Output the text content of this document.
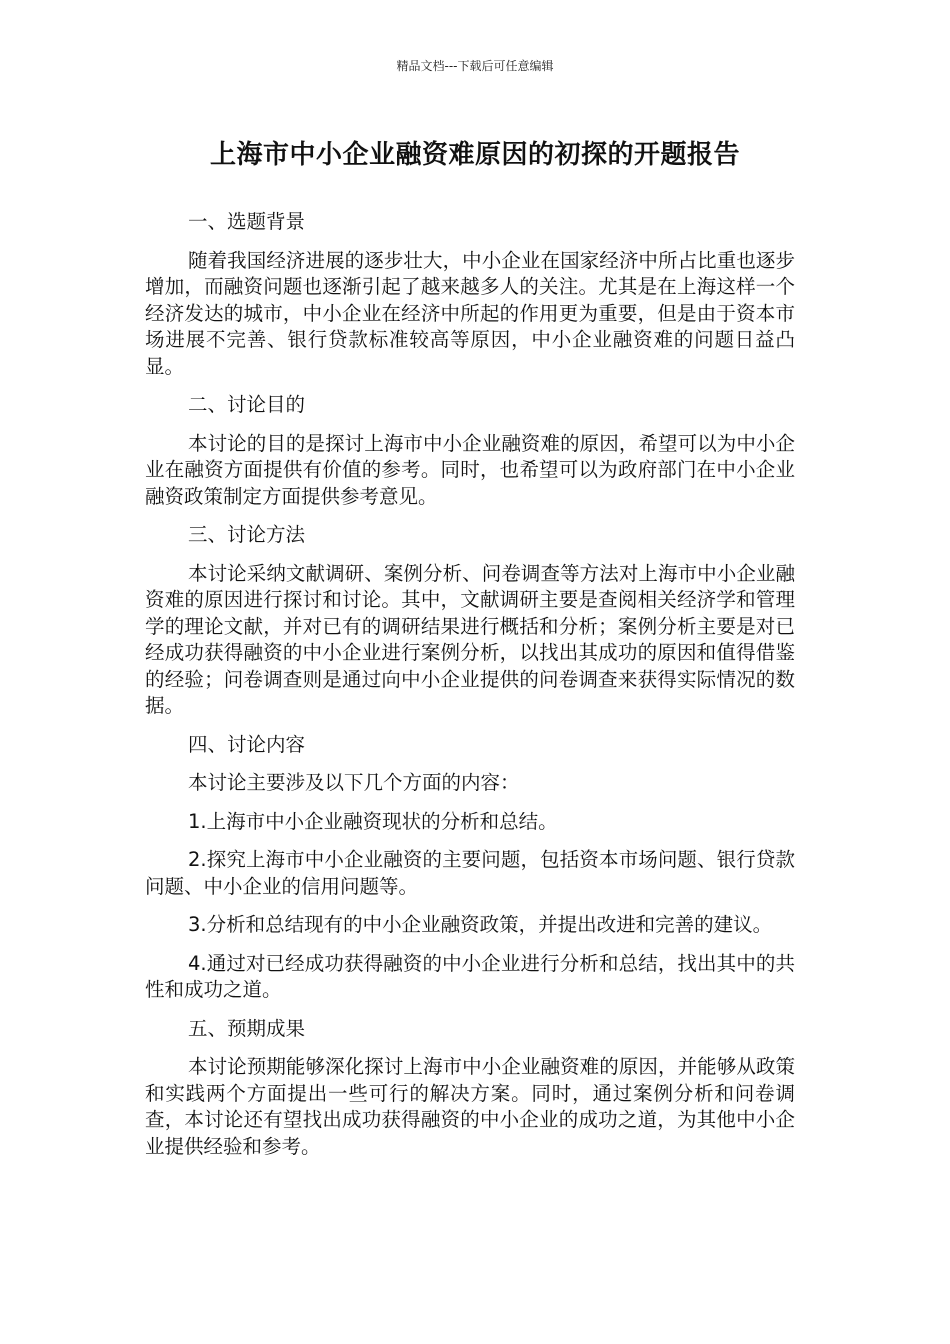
精品文档---下载后可任意编辑
上海市中小企业融资难原因的初探的开题报告
一、选题背景

随着我国经济进展的逐步壮大，中小企业在国家经济中所占比重也逐步增加，而融资问题也逐渐引起了越来越多人的关注。尤其是在上海这样一个经济发达的城市，中小企业在经济中所起的作用更为重要，但是由于资本市场进展不完善、银行贷款标准较高等原因，中小企业融资难的问题日益凸显。

二、讨论目的

本讨论的目的是探讨上海市中小企业融资难的原因，希望可以为中小企业在融资方面提供有价值的参考。同时，也希望可以为政府部门在中小企业融资政策制定方面提供参考意见。

三、讨论方法

本讨论采纳文献调研、案例分析、问卷调查等方法对上海市中小企业融资难的原因进行探讨和讨论。其中，文献调研主要是查阅相关经济学和管理学的理论文献，并对已有的调研结果进行概括和分析；案例分析主要是对已经成功获得融资的中小企业进行案例分析，以找出其成功的原因和值得借鉴的经验；问卷调查则是通过向中小企业提供的问卷调查来获得实际情况的数据。

四、讨论内容

本讨论主要涉及以下几个方面的内容：

1.上海市中小企业融资现状的分析和总结。

2.探究上海市中小企业融资的主要问题，包括资本市场问题、银行贷款问题、中小企业的信用问题等。

3.分析和总结现有的中小企业融资政策，并提出改进和完善的建议。

4.通过对已经成功获得融资的中小企业进行分析和总结，找出其中的共性和成功之道。

五、预期成果

本讨论预期能够深化探讨上海市中小企业融资难的原因，并能够从政策和实践两个方面提出一些可行的解决方案。同时，通过案例分析和问卷调查，本讨论还有望找出成功获得融资的中小企业的成功之道，为其他中小企业提供经验和参考。
